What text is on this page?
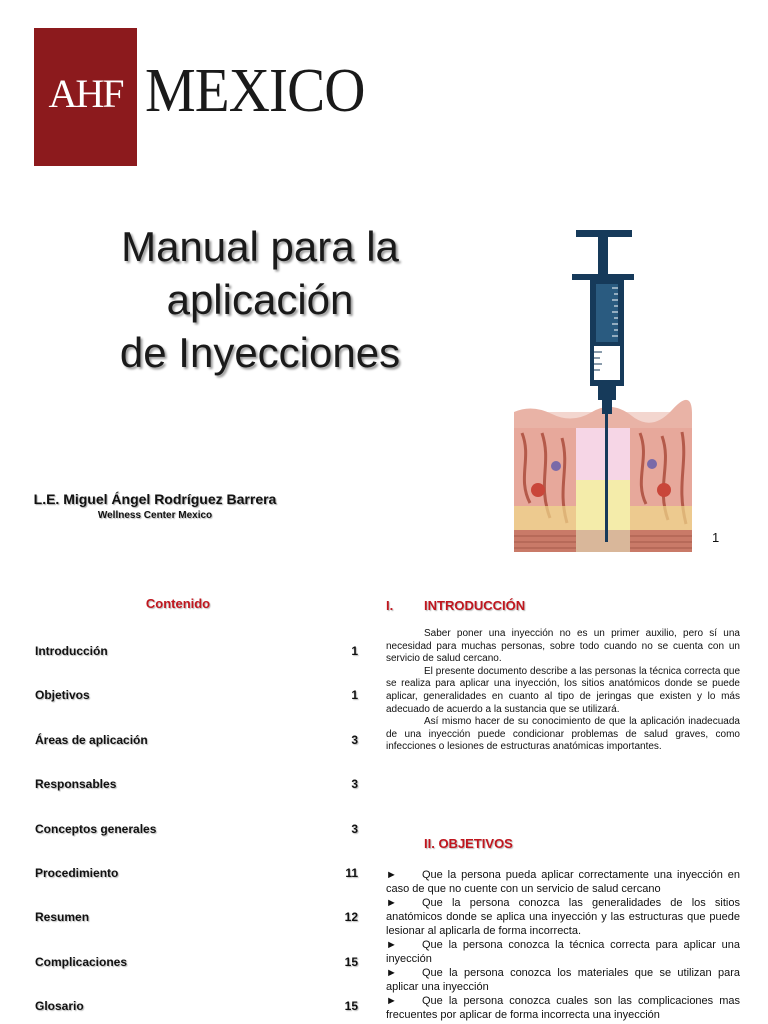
AHF MEXICO
Manual para la
aplicación
de Inyecciones
1
L.E. Miguel Ángel Rodríguez Barrera
Wellness Center Mexico
Contenido
Introducción	1
Objetivos	1
Áreas de aplicación	3
Responsables	3
Conceptos generales	3
Procedimiento	11
Resumen	12
Complicaciones	15
Glosario	15
I. INTRODUCCIÓN

Saber poner una inyección no es un primer auxilio, pero sí una necesidad para muchas personas, sobre todo cuando no se cuenta con un servicio de salud cercano.

El presente documento describe a las personas la técnica correcta que se realiza para aplicar una inyección, los sitios anatómicos donde se puede aplicar, generalidades en cuanto al tipo de jeringas que existen y lo más adecuado de acuerdo a la sustancia que se utilizará.

Así mismo hacer de su conocimiento de que la aplicación inadecuada de una inyección puede condicionar problemas de salud graves, como infecciones o lesiones de estructuras anatómicas importantes.

II. OBJETIVOS

► Que la persona pueda aplicar correctamente una inyección en caso de que no cuente con un servicio de salud cercano

► Que la persona conozca las generalidades de los sitios anatómicos donde se aplica una inyección y las estructuras que puede lesionar al aplicarla de forma incorrecta.

► Que la persona conozca la técnica correcta para aplicar una inyección

► Que la persona conozca los materiales que se utilizan para aplicar una inyección

► Que la persona conozca cuales son las complicaciones mas frecuentes por aplicar de forma incorrecta una inyección
